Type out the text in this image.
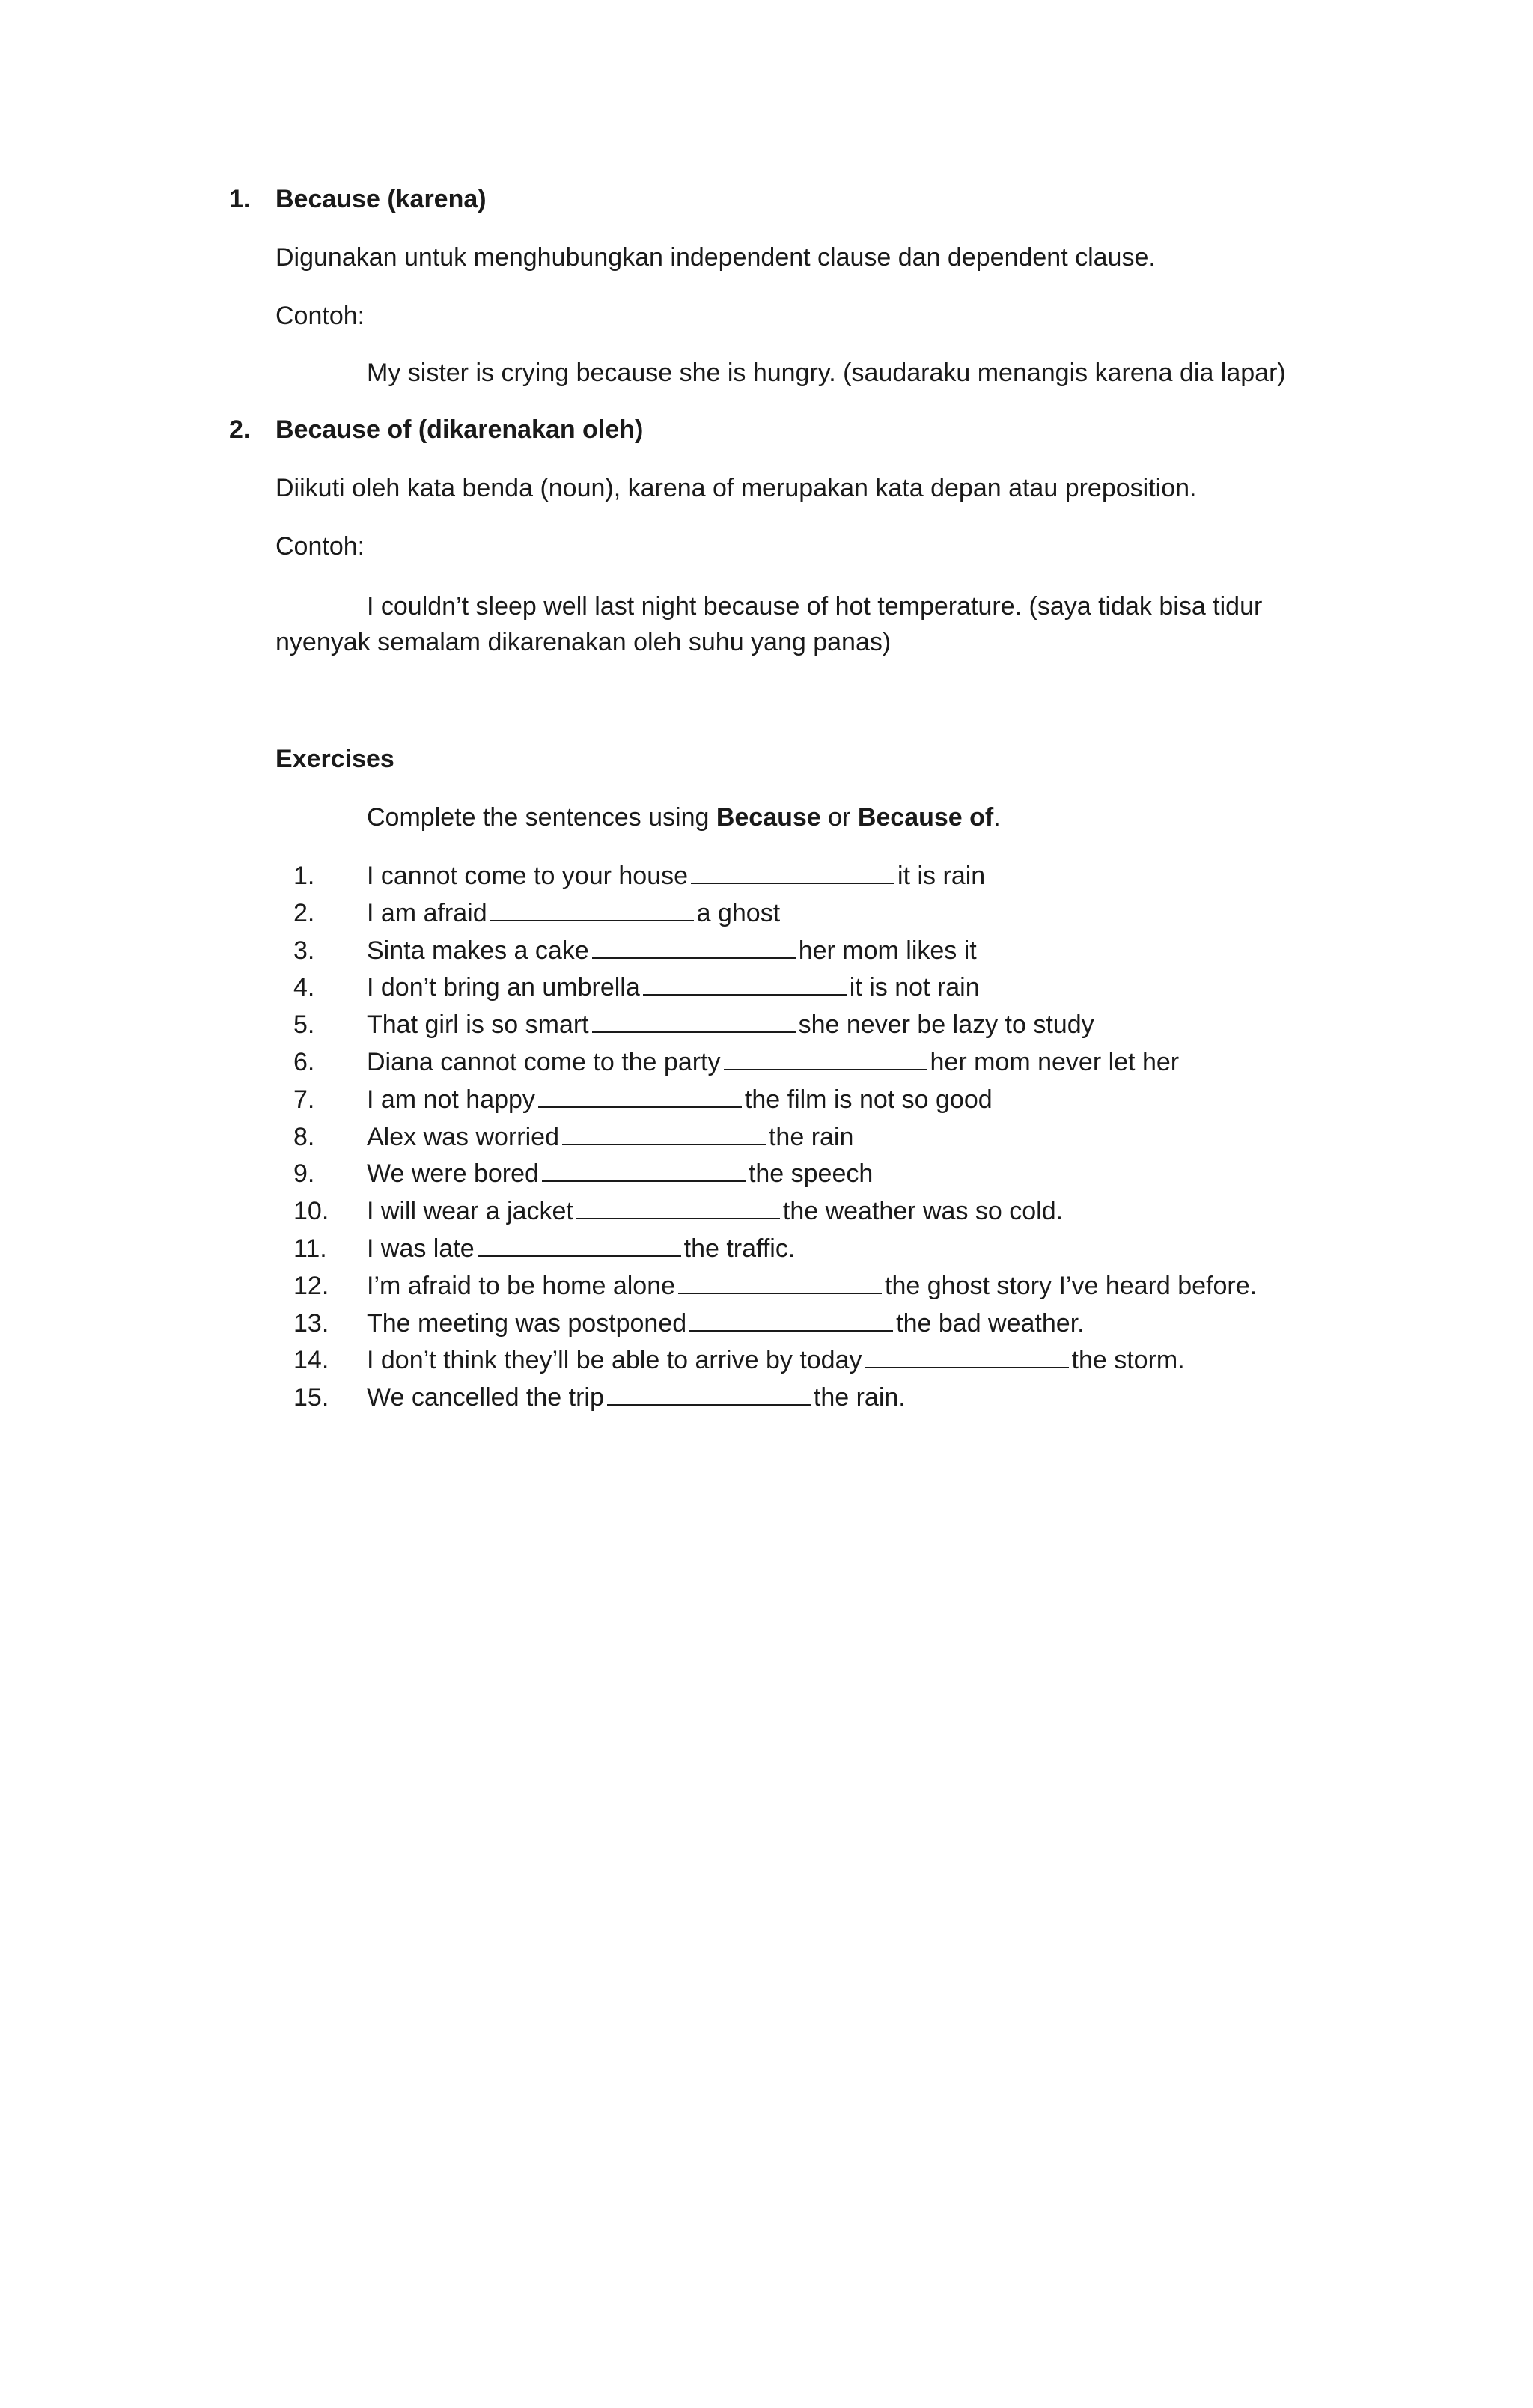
1. Because (karena)
Digunakan untuk menghubungkan independent clause dan dependent clause.
Contoh:
My sister is crying because she is hungry. (saudaraku menangis karena dia lapar)
2. Because of (dikarenakan oleh)
Diikuti oleh kata benda (noun), karena of merupakan kata depan atau preposition.
Contoh:
I couldn’t sleep well last night because of hot temperature. (saya tidak bisa tidur nyenyak semalam dikarenakan oleh suhu yang panas)
Exercises
Complete the sentences using Because or Because of.
1. I cannot come to your house	it is rain
2. I am afraid	a ghost
3. Sinta makes a cake	her mom likes it
4. I don’t bring an umbrella	it is not rain
5. That girl is so smart	she never be lazy to study
6. Diana cannot come to the party	her mom never let her
7. I am not happy	the film is not so good
8. Alex was worried	the rain
9. We were bored	the speech
10. I will wear a jacket	the weather was so cold.
11. I was late	the traffic.
12. I’m afraid to be home alone	the ghost story I’ve heard before.
13. The meeting was postponed	the bad weather.
14. I don’t think they’ll be able to arrive by today	the storm.
15. We cancelled the trip	the rain.
